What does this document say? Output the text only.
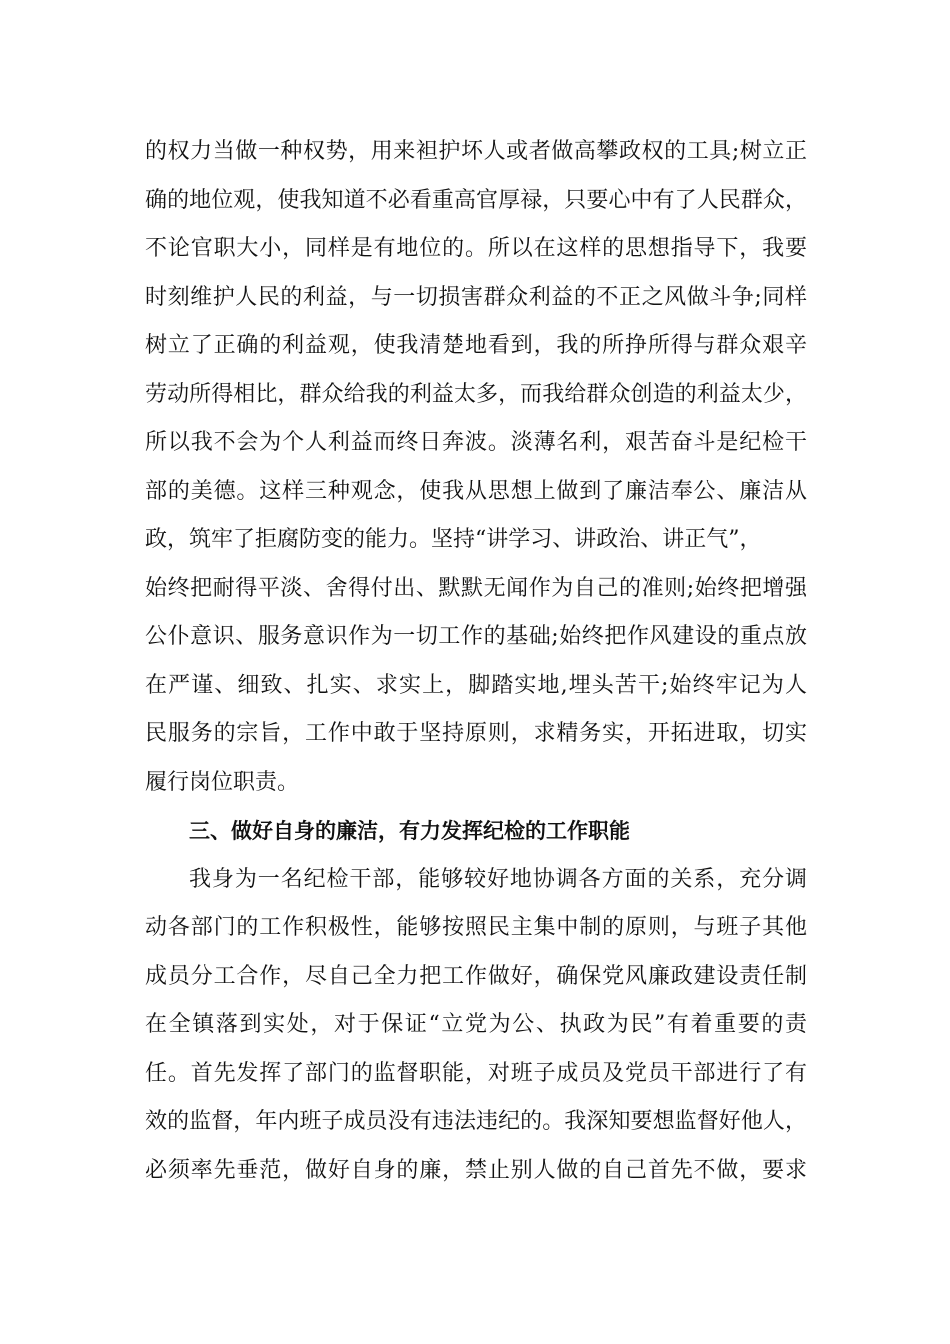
的权力当做一种权势，用来袒护坏人或者做高攀政权的工具;树立正
确的地位观，使我知道不必看重高官厚禄，只要心中有了人民群众，
不论官职大小，同样是有地位的。所以在这样的思想指导下，我要
时刻维护人民的利益，与一切损害群众利益的不正之风做斗争;同样
树立了正确的利益观，使我清楚地看到，我的所挣所得与群众艰辛
劳动所得相比，群众给我的利益太多，而我给群众创造的利益太少，
所以我不会为个人利益而终日奔波。淡薄名利，艰苦奋斗是纪检干
部的美德。这样三种观念，使我从思想上做到了廉洁奉公、廉洁从
政，筑牢了拒腐防变的能力。坚持“讲学习、讲政治、讲正气”，
始终把耐得平淡、舍得付出、默默无闻作为自己的准则;始终把增强
公仆意识、服务意识作为一切工作的基础;始终把作风建设的重点放
在严谨、细致、扎实、求实上，脚踏实地,埋头苦干;始终牢记为人
民服务的宗旨，工作中敢于坚持原则，求精务实，开拓进取，切实
履行岗位职责。
三、做好自身的廉洁，有力发挥纪检的工作职能
我身为一名纪检干部，能够较好地协调各方面的关系，充分调
动各部门的工作积极性，能够按照民主集中制的原则，与班子其他
成员分工合作，尽自己全力把工作做好，确保党风廉政建设责任制
在全镇落到实处，对于保证“立党为公、执政为民”有着重要的责
任。首先发挥了部门的监督职能，对班子成员及党员干部进行了有
效的监督，年内班子成员没有违法违纪的。我深知要想监督好他人，
必须率先垂范，做好自身的廉，禁止别人做的自己首先不做，要求
